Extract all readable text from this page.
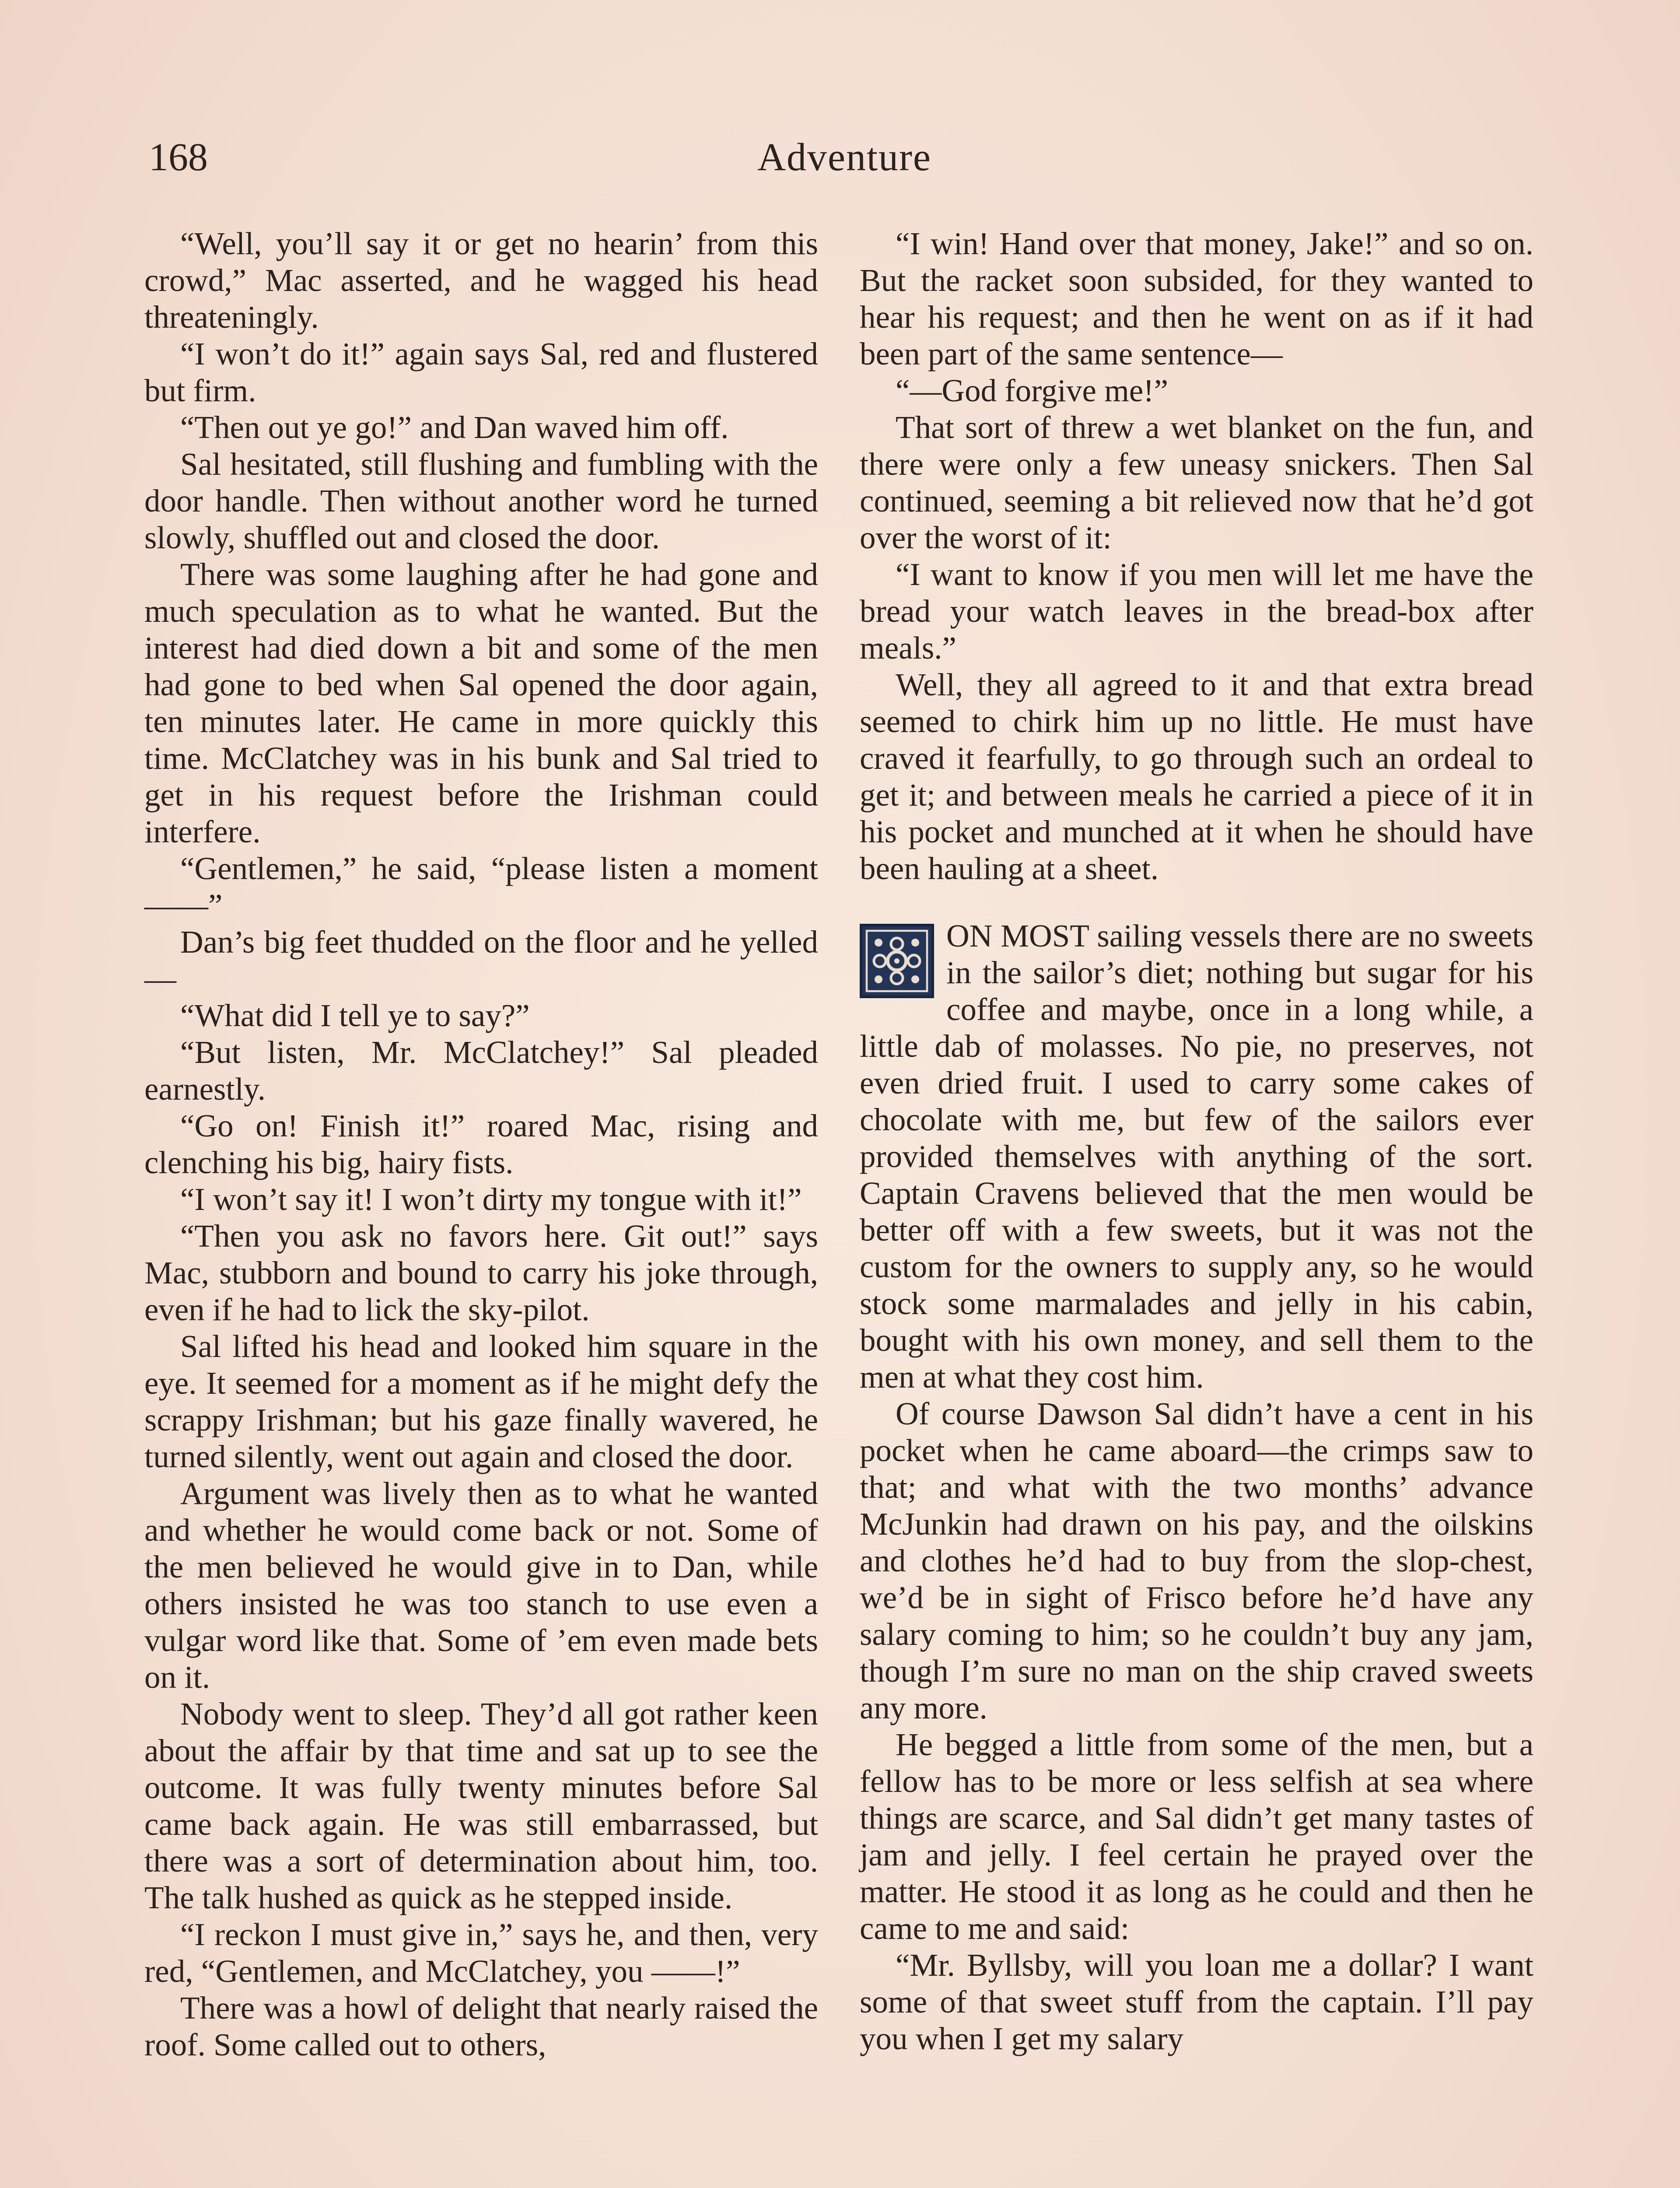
168	Adventure

“Well, you’ll say it or get no hearin’ from this crowd,” Mac asserted, and he wagged his head threateningly.

“I won’t do it!” again says Sal, red and flustered but firm.

“Then out ye go!” and Dan waved him off.

Sal hesitated, still flushing and fumbling with the door handle. Then without another word he turned slowly, shuffled out and closed the door.

There was some laughing after he had gone and much speculation as to what he wanted. But the interest had died down a bit and some of the men had gone to bed when Sal opened the door again, ten minutes later. He came in more quickly this time. McClatchey was in his bunk and Sal tried to get in his request before the Irishman could interfere.

“Gentlemen,” he said, “please listen a moment——”

Dan’s big feet thudded on the floor and he yelled—

“What did I tell ye to say?”

“But listen, Mr. McClatchey!” Sal pleaded earnestly.

“Go on! Finish it!” roared Mac, rising and clenching his big, hairy fists.

“I won’t say it! I won’t dirty my tongue with it!”

“Then you ask no favors here. Git out!” says Mac, stubborn and bound to carry his joke through, even if he had to lick the sky-pilot.

Sal lifted his head and looked him square in the eye. It seemed for a moment as if he might defy the scrappy Irishman; but his gaze finally wavered, he turned silently, went out again and closed the door.

Argument was lively then as to what he wanted and whether he would come back or not. Some of the men believed he would give in to Dan, while others insisted he was too stanch to use even a vulgar word like that. Some of ’em even made bets on it.

Nobody went to sleep. They’d all got rather keen about the affair by that time and sat up to see the outcome. It was fully twenty minutes before Sal came back again. He was still embarrassed, but there was a sort of determination about him, too. The talk hushed as quick as he stepped inside.

“I reckon I must give in,” says he, and then, very red, “Gentlemen, and McClatchey, you ——!”

There was a howl of delight that nearly raised the roof. Some called out to others,

“I win! Hand over that money, Jake!” and so on. But the racket soon subsided, for they wanted to hear his request; and then he went on as if it had been part of the same sentence—

“—God forgive me!”

That sort of threw a wet blanket on the fun, and there were only a few uneasy snickers. Then Sal continued, seeming a bit relieved now that he’d got over the worst of it:

“I want to know if you men will let me have the bread your watch leaves in the bread-box after meals.”

Well, they all agreed to it and that extra bread seemed to chirk him up no little. He must have craved it fearfully, to go through such an ordeal to get it; and between meals he carried a piece of it in his pocket and munched at it when he should have been hauling at a sheet.

ON MOST sailing vessels there are no sweets in the sailor’s diet; nothing but sugar for his coffee and maybe, once in a long while, a little dab of molasses. No pie, no preserves, not even dried fruit. I used to carry some cakes of chocolate with me, but few of the sailors ever provided themselves with anything of the sort. Captain Cravens believed that the men would be better off with a few sweets, but it was not the custom for the owners to supply any, so he would stock some marmalades and jelly in his cabin, bought with his own money, and sell them to the men at what they cost him.

Of course Dawson Sal didn’t have a cent in his pocket when he came aboard—the crimps saw to that; and what with the two months’ advance McJunkin had drawn on his pay, and the oilskins and clothes he’d had to buy from the slop-chest, we’d be in sight of Frisco before he’d have any salary coming to him; so he couldn’t buy any jam, though I’m sure no man on the ship craved sweets any more.

He begged a little from some of the men, but a fellow has to be more or less selfish at sea where things are scarce, and Sal didn’t get many tastes of jam and jelly. I feel certain he prayed over the matter. He stood it as long as he could and then he came to me and said:

“Mr. Byllsby, will you loan me a dollar? I want some of that sweet stuff from the captain. I’ll pay you when I get my salary
